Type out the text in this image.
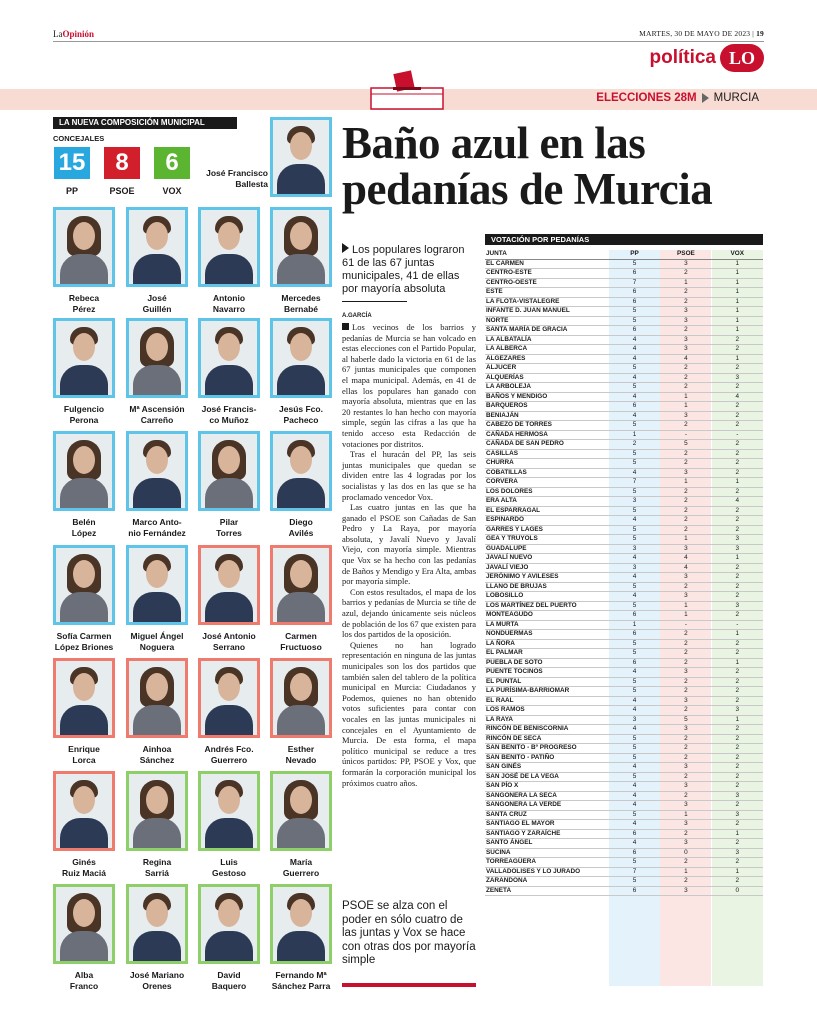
LaOpinión	MARTES, 30 DE MAYO DE 2023 | 19
política LO
ELECCIONES 28M MURCIA
LA NUEVA COMPOSICIÓN MUNICIPAL
CONCEJALES
15
PP
8
PSOE
6
VOX
José Francisco
Ballesta
Rebeca
Pérez
José
Guillén
Antonio
Navarro
Mercedes
Bernabé
Fulgencio
Perona
Mª Ascensión
Carreño
José Francis-
co Muñoz
Jesús Fco.
Pacheco
Belén
López
Marco Anto-
nio Fernández
Pilar
Torres
Diego
Avilés
Sofía Carmen
López Briones
Miguel Ángel
Noguera
José Antonio
Serrano
Carmen
Fructuoso
Enrique
Lorca
Ainhoa
Sánchez
Andrés Fco.
Guerrero
Esther
Nevado
Ginés
Ruiz Maciá
Regina
Sarriá
Luis
Gestoso
María
Guerrero
Alba
Franco
José Mariano
Orenes
David
Baquero
Fernando Mª
Sánchez Parra
Baño azul en las
pedanías de Murcia
Los populares lograron 61 de las 67 juntas municipales, 41 de ellas por mayoría absoluta
A.GARCÍA

Los vecinos de los barrios y pedanías de Murcia se han volcado en estas elecciones con el Partido Popular, al haberle dado la victoria en 61 de las 67 juntas municipales que componen el mapa municipal. Además, en 41 de ellas los populares han ganado con mayoría absoluta, mientras que en las 20 restantes lo han hecho con mayoría simple, según las cifras a las que ha tenido acceso esta Redacción de votaciones por distritos.

Tras el huracán del PP, las seis juntas municipales que quedan se dividen entre las 4 logradas por los socialistas y las dos en las que se ha proclamado vencedor Vox.

Las cuatro juntas en las que ha ganado el PSOE son Cañadas de San Pedro y La Raya, por mayoría absoluta, y Javalí Nuevo y Javalí Viejo, con mayoría simple. Mientras que Vox se ha hecho con las pedanías de Baños y Mendigo y Era Alta, ambas por mayoría simple.

Con estos resultados, el mapa de los barrios y pedanías de Murcia se tiñe de azul, dejando únicamente seis núcleos de población de los 67 que existen para los dos partidos de la oposición.

Quienes no han logrado representación en ninguna de las juntas municipales son los dos partidos que también salen del tablero de la política municipal en Murcia: Ciudadanos y Podemos, quienes no han obtenido votos suficientes para contar con vocales en las juntas municipales ni concejales en el Ayuntamiento de Murcia. De esta forma, el mapa político municipal se reduce a tres únicos partidos: PP, PSOE y Vox, que formarán la corporación municipal los próximos cuatro años.

PSOE se alza con el poder en sólo cuatro de las juntas y Vox se hace con otras dos por mayoría simple
VOTACIÓN POR PEDANÍAS
JUNTA	PP	PSOE	VOX
EL CARMEN	5	3	1
CENTRO-ESTE	6	2	1
CENTRO-OESTE	7	1	1
ESTE	6	2	1
LA FLOTA-VISTALEGRE	6	2	1
INFANTE D. JUAN MANUEL	5	3	1
NORTE	5	3	1
SANTA MARÍA DE GRACIA	6	2	1
LA ALBATALÍA	4	3	2
LA ALBERCA	4	3	2
ALGEZARES	4	4	1
ALJUCER	5	2	2
ALQUERÍAS	4	2	3
LA ARBOLEJA	5	2	2
BAÑOS Y MENDIGO	4	1	4
BARQUEROS	6	1	2
BENIAJÁN	4	3	2
CABEZO DE TORRES	5	2	2
CAÑADA HERMOSA	1	-	-
CAÑADA DE SAN PEDRO	2	5	2
CASILLAS	5	2	2
CHURRA	5	2	2
COBATILLAS	4	3	2
CORVERA	7	1	1
LOS DOLORES	5	2	2
ERA ALTA	3	2	4
EL ESPARRAGAL	5	2	2
ESPINARDO	4	2	2
GARRES Y LAGES	5	2	2
GEA Y TRUYOLS	5	1	3
GUADALUPE	3	3	3
JAVALÍ NUEVO	4	4	1
JAVALÍ VIEJO	3	4	2
JERÓNIMO Y AVILESES	4	3	2
LLANO DE BRUJAS	5	2	2
LOBOSILLO	4	3	2
LOS MARTÍNEZ DEL PUERTO	5	1	3
MONTEAGUDO	6	1	2
LA MURTA	1	-	-
NONDUERMAS	6	2	1
LA ÑORA	5	2	2
EL PALMAR	5	2	2
PUEBLA DE SOTO	6	2	1
PUENTE TOCINOS	4	3	2
EL PUNTAL	5	2	2
LA PURÍSIMA-BARRIOMAR	5	2	2
EL RAAL	4	3	2
LOS RAMOS	4	2	3
LA RAYA	3	5	1
RINCÓN DE BENISCORNIA	4	3	2
RINCÓN DE SECA	5	2	2
SAN BENITO - Bº PROGRESO	5	2	2
SAN BENITO - PATIÑO	5	2	2
SAN GINÉS	4	3	2
SAN JOSÉ DE LA VEGA	5	2	2
SAN PÍO X	4	3	2
SANGONERA LA SECA	4	2	3
SANGONERA LA VERDE	4	3	2
SANTA CRUZ	5	1	3
SANTIAGO EL MAYOR	4	3	2
SANTIAGO Y ZARAÍCHE	6	2	1
SANTO ÁNGEL	4	3	2
SUCINA	6	0	3
TORREAGÜERA	5	2	2
VALLADOLISES Y LO JURADO	7	1	1
ZARANDONA	5	2	2
ZENETA	6	3	0
